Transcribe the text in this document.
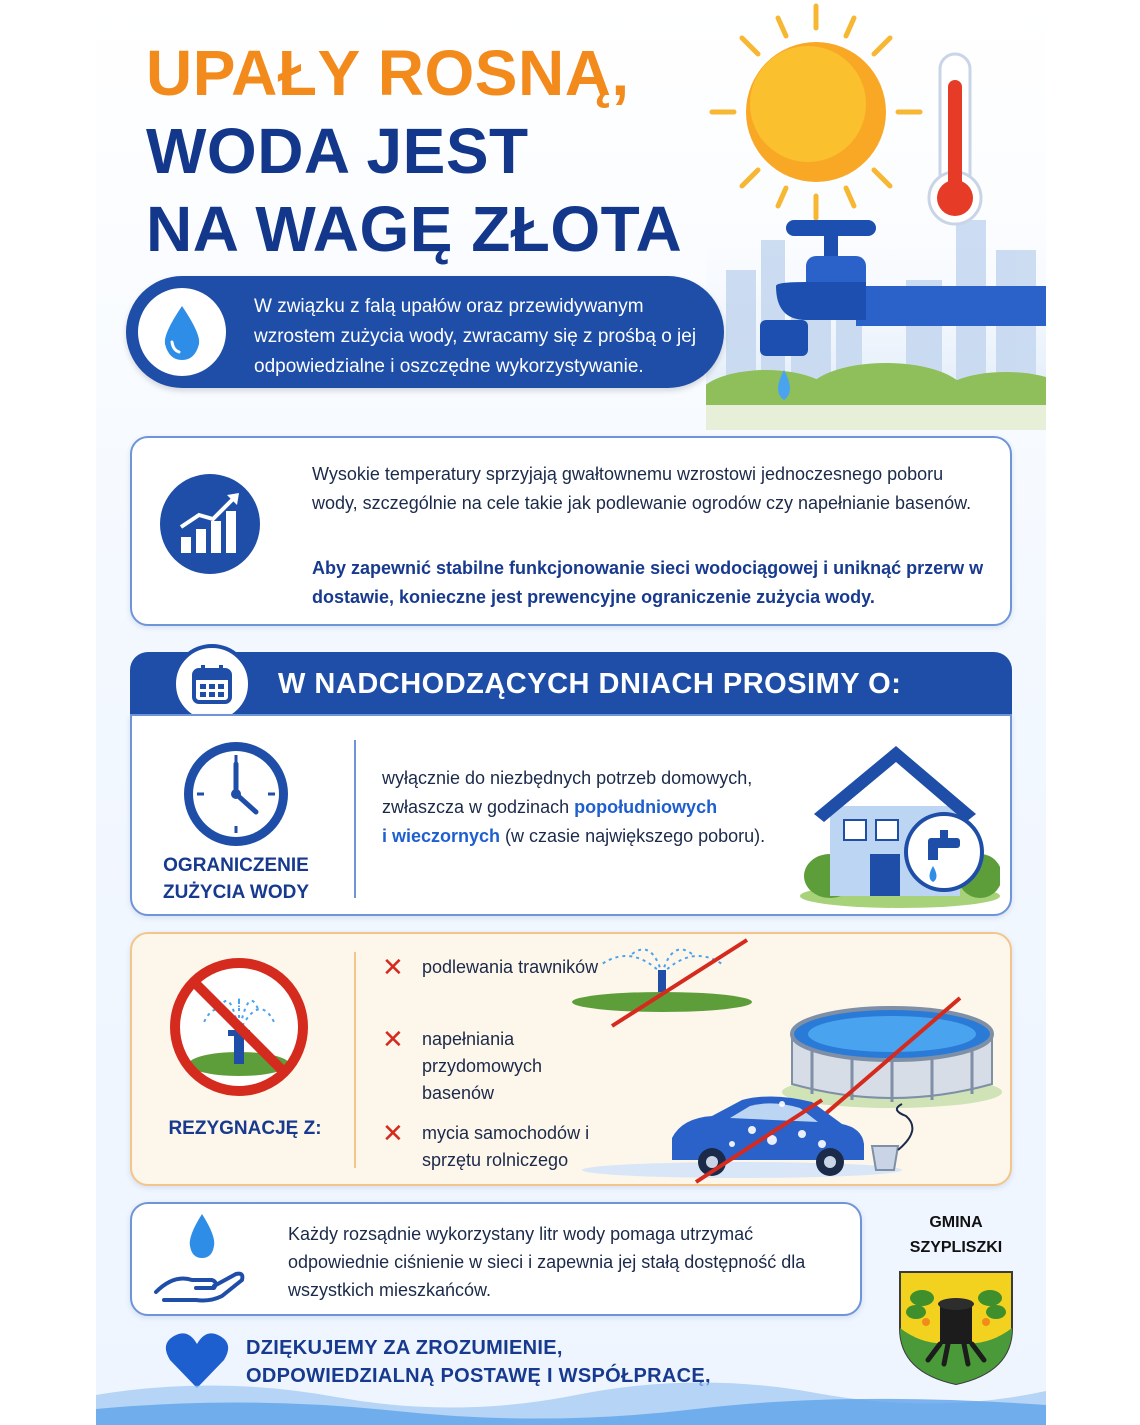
UPAŁY ROSNĄ,
WODA JEST
NA WAGĘ ZŁOTA
W związku z falą upałów oraz przewidywanym wzrostem zużycia wody, zwracamy się z prośbą o jej odpowiedzialne i oszczędne wykorzystywanie.
Wysokie temperatury sprzyjają gwałtownemu wzrostowi jednoczesnego poboru wody, szczególnie na cele takie jak podlewanie ogrodów czy napełnianie basenów.
Aby zapewnić stabilne funkcjonowanie sieci wodociągowej i uniknąć przerw w dostawie, konieczne jest prewencyjne ograniczenie zużycia wody.
W NADCHODZĄCYCH DNIACH PROSIMY O:
OGRANICZENIE
ZUŻYCIA WODY
wyłącznie do niezbędnych potrzeb domowych, zwłaszcza w godzinach popołudniowych
i wieczornych (w czasie największego poboru).
REZYGNACJĘ Z:
✕ podlewania trawników
✕ napełniania przydomowych basenów
✕ mycia samochodów i sprzętu rolniczego
Każdy rozsądnie wykorzystany litr wody pomaga utrzymać odpowiednie ciśnienie w sieci i zapewnia jej stałą dostępność dla wszystkich mieszkańców.
GMINA
SZYPLISZKI
DZIĘKUJEMY ZA ZROZUMIENIE,
ODPOWIEDZIALNĄ POSTAWĘ I WSPÓŁPRACĘ,
